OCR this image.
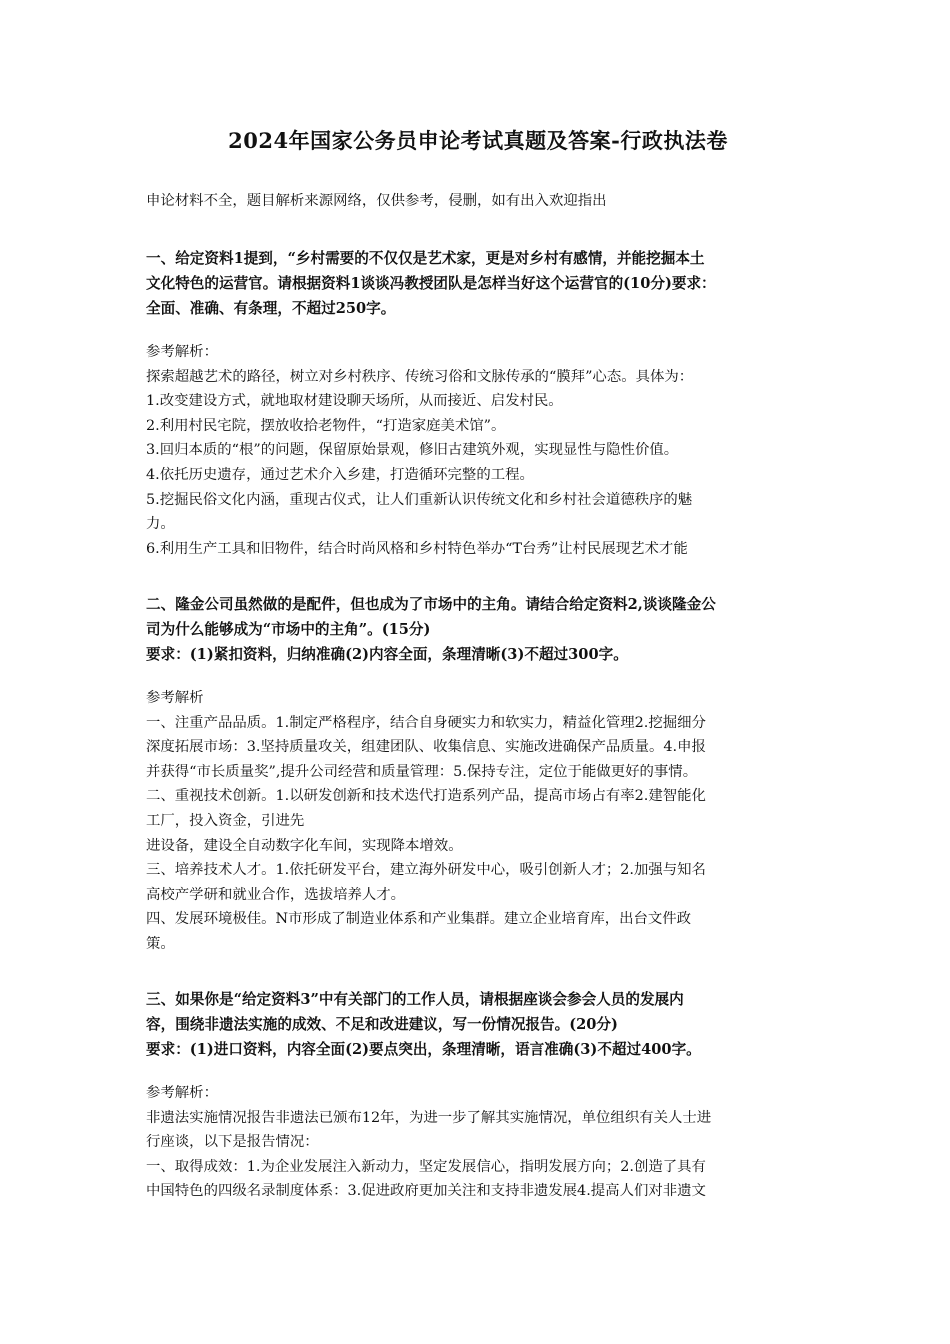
2024年国家公务员申论考试真题及答案-行政执法卷
申论材料不全，题目解析来源网络，仅供参考，侵删，如有出入欢迎指出
一、给定资料1提到，“乡村需要的不仅仅是艺术家，更是对乡村有感情，并能挖掘本土
文化特色的运营官。请根据资料1谈谈冯教授团队是怎样当好这个运营官的(10分)要求：
全面、准确、有条理，不超过250字。
参考解析：
探索超越艺术的路径，树立对乡村秩序、传统习俗和文脉传承的“膜拜”心态。具体为：
1.改变建设方式，就地取材建设聊天场所，从而接近、启发村民。
2.利用村民宅院，摆放收拾老物件，“打造家庭美术馆”。
3.回归本质的“根”的问题，保留原始景观，修旧古建筑外观，实现显性与隐性价值。
4.依托历史遗存，通过艺术介入乡建，打造循环完整的工程。
5.挖掘民俗文化内涵，重现古仪式，让人们重新认识传统文化和乡村社会道德秩序的魅
力。
6.利用生产工具和旧物件，结合时尚风格和乡村特色举办“T台秀”让村民展现艺术才能
二、隆金公司虽然做的是配件，但也成为了市场中的主角。请结合给定资料2,谈谈隆金公
司为什么能够成为“市场中的主角”。(15分)
要求：(1)紧扣资料，归纳准确(2)内容全面，条理清晰(3)不超过300字。
参考解析
一、注重产品品质。1.制定严格程序，结合自身硬实力和软实力，精益化管理2.挖掘细分
深度拓展市场：3.坚持质量攻关，组建团队、收集信息、实施改进确保产品质量。4.申报
并获得“市长质量奖”,提升公司经营和质量管理：5.保持专注，定位于能做更好的事情。
二、重视技术创新。1.以研发创新和技术迭代打造系列产品，提高市场占有率2.建智能化
工厂，投入资金，引进先
进设备，建设全自动数字化车间，实现降本增效。
三、培养技术人才。1.依托研发平台，建立海外研发中心，吸引创新人才；2.加强与知名
高校产学研和就业合作，选拔培养人才。
四、发展环境极佳。N市形成了制造业体系和产业集群。建立企业培育库，出台文件政
策。
三、如果你是“给定资料3”中有关部门的工作人员，请根据座谈会参会人员的发展内
容，围绕非遗法实施的成效、不足和改进建议，写一份情况报告。(20分)
要求：(1)进口资料，内容全面(2)要点突出，条理清晰，语言准确(3)不超过400字。
参考解析：
非遗法实施情况报告非遗法已颁布12年，为进一步了解其实施情况，单位组织有关人士进
行座谈，以下是报告情况：
一、取得成效：1.为企业发展注入新动力，坚定发展信心，指明发展方向；2.创造了具有
中国特色的四级名录制度体系：3.促进政府更加关注和支持非遗发展4.提高人们对非遗文
